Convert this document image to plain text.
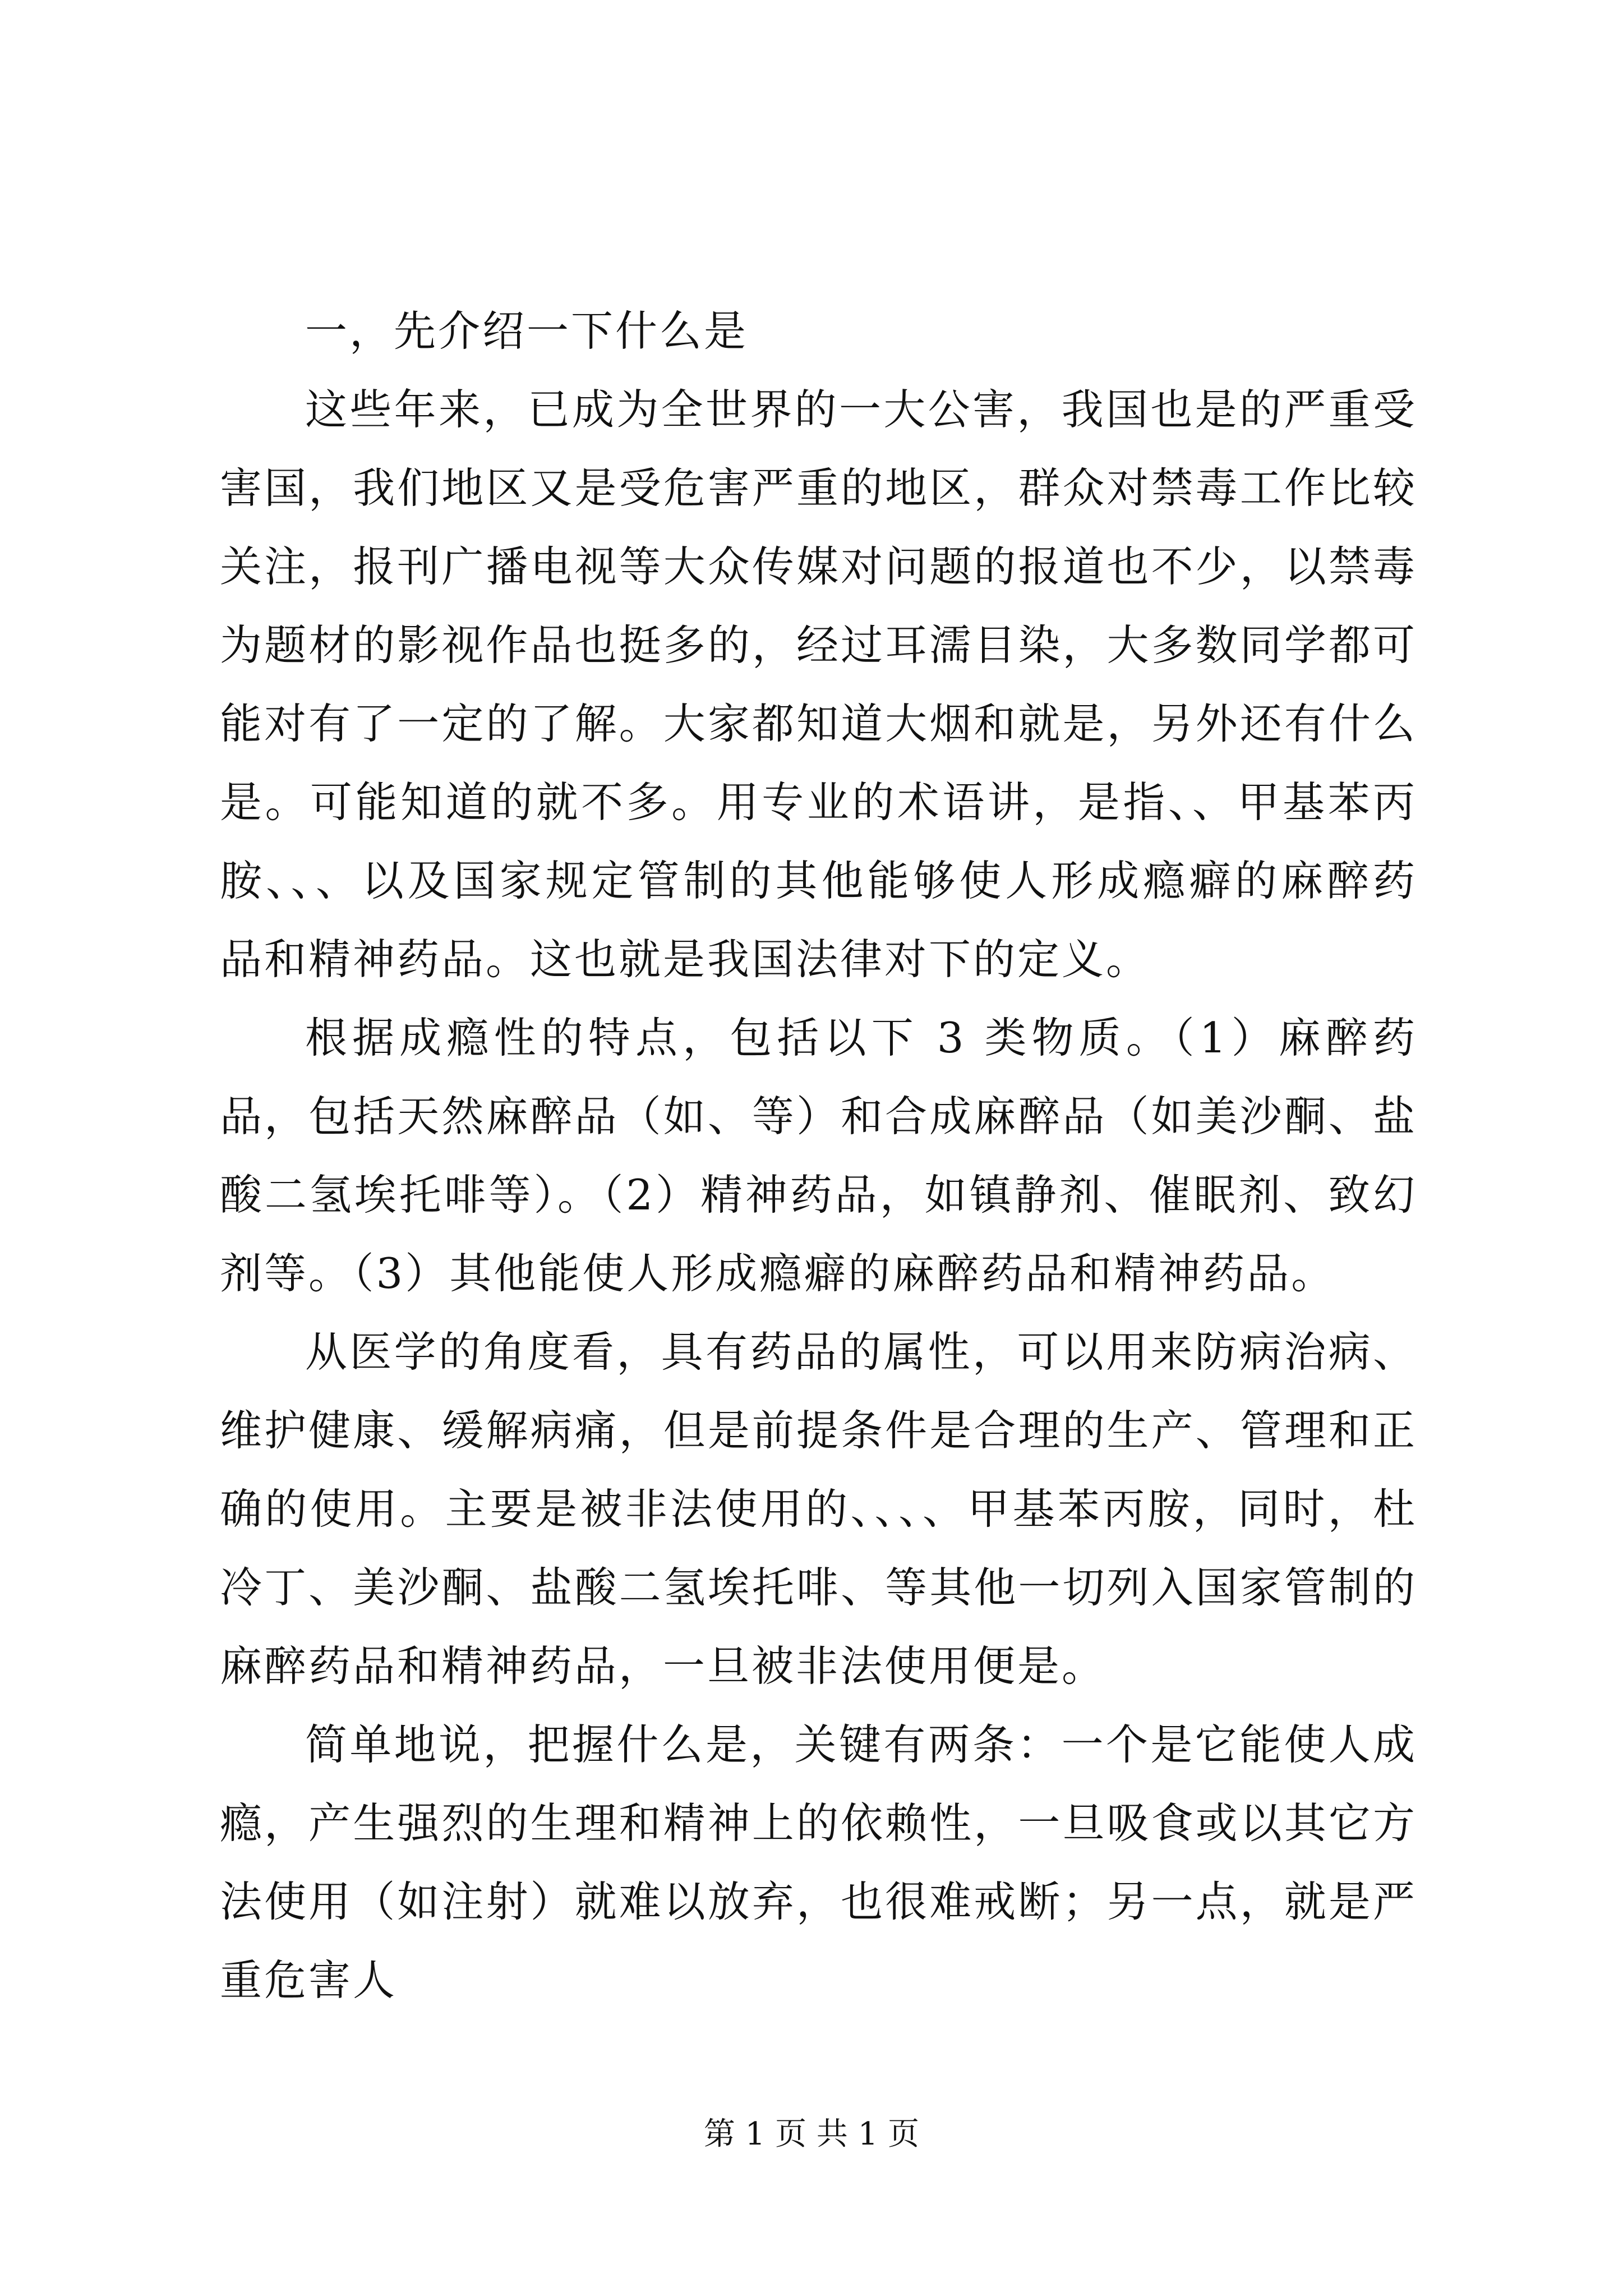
一，先介绍一下什么是

这些年来，已成为全世界的一大公害，我国也是的严重受害国，我们地区又是受危害严重的地区，群众对禁毒工作比较关注，报刊广播电视等大众传媒对问题的报道也不少，以禁毒为题材的影视作品也挺多的，经过耳濡目染，大多数同学都可能对有了一定的了解。大家都知道大烟和就是，另外还有什么是。可能知道的就不多。用专业的术语讲，是指、、甲基苯丙胺、、、以及国家规定管制的其他能够使人形成瘾癖的麻醉药品和精神药品。这也就是我国法律对下的定义。

根据成瘾性的特点，包括以下 3 类物质。（1）麻醉药品，包括天然麻醉品（如、等）和合成麻醉品（如美沙酮、盐酸二氢埃托啡等）。（2）精神药品，如镇静剂、催眠剂、致幻剂等。（3）其他能使人形成瘾癖的麻醉药品和精神药品。

从医学的角度看，具有药品的属性，可以用来防病治病、维护健康、缓解病痛，但是前提条件是合理的生产、管理和正确的使用。主要是被非法使用的、、、、甲基苯丙胺，同时，杜冷丁、美沙酮、盐酸二氢埃托啡、等其他一切列入国家管制的麻醉药品和精神药品，一旦被非法使用便是。

简单地说，把握什么是，关键有两条：一个是它能使人成瘾，产生强烈的生理和精神上的依赖性，一旦吸食或以其它方法使用（如注射）就难以放弃，也很难戒断；另一点，就是严重危害人

第 1 页 共 1 页
